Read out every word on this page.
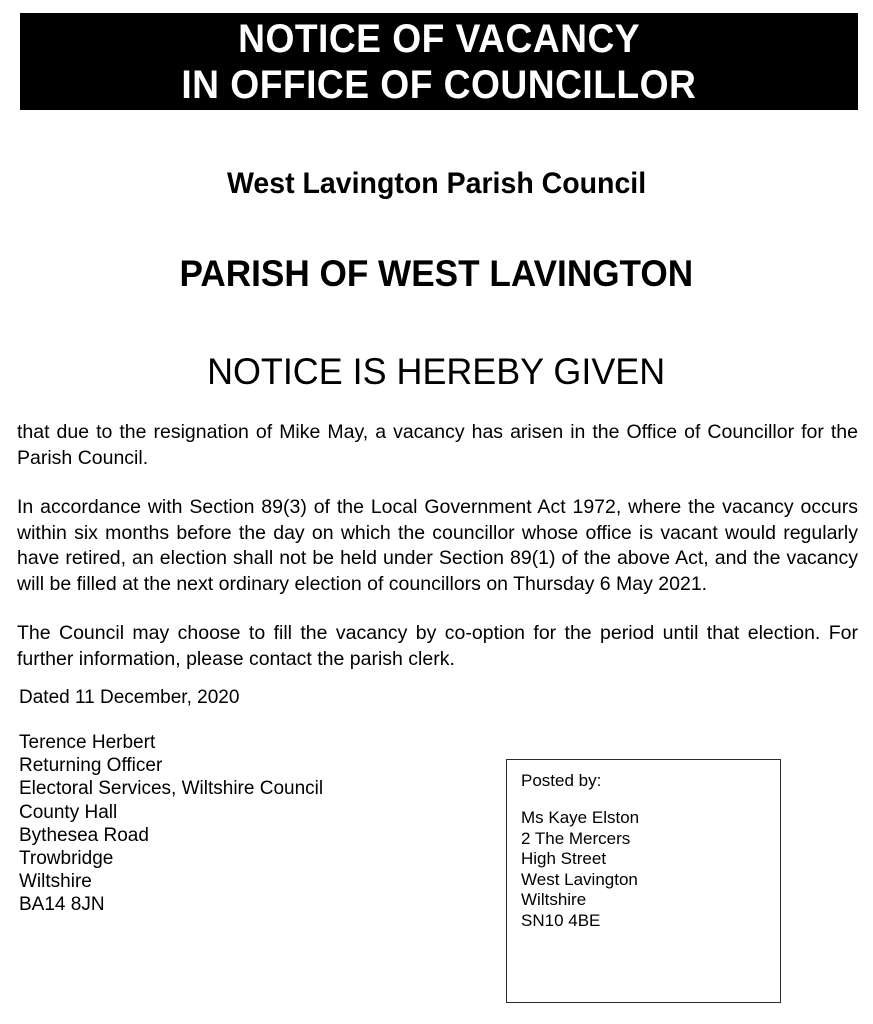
NOTICE OF VACANCY
IN OFFICE OF COUNCILLOR
West Lavington Parish Council
PARISH OF WEST LAVINGTON
NOTICE IS HEREBY GIVEN

that due to the resignation of Mike May, a vacancy has arisen in the Office of Councillor for the Parish Council.

In accordance with Section 89(3) of the Local Government Act 1972, where the vacancy occurs within six months before the day on which the councillor whose office is vacant would regularly have retired, an election shall not be held under Section 89(1) of the above Act, and the vacancy will be filled at the next ordinary election of councillors on Thursday 6 May 2021.

The Council may choose to fill the vacancy by co-option for the period until that election. For further information, please contact the parish clerk.

Dated 11 December, 2020
Terence Herbert
Returning Officer
Electoral Services, Wiltshire Council
County Hall
Bythesea Road
Trowbridge
Wiltshire
BA14 8JN
Posted by:
Ms Kaye Elston
2 The Mercers
High Street
West Lavington
Wiltshire
SN10 4BE
